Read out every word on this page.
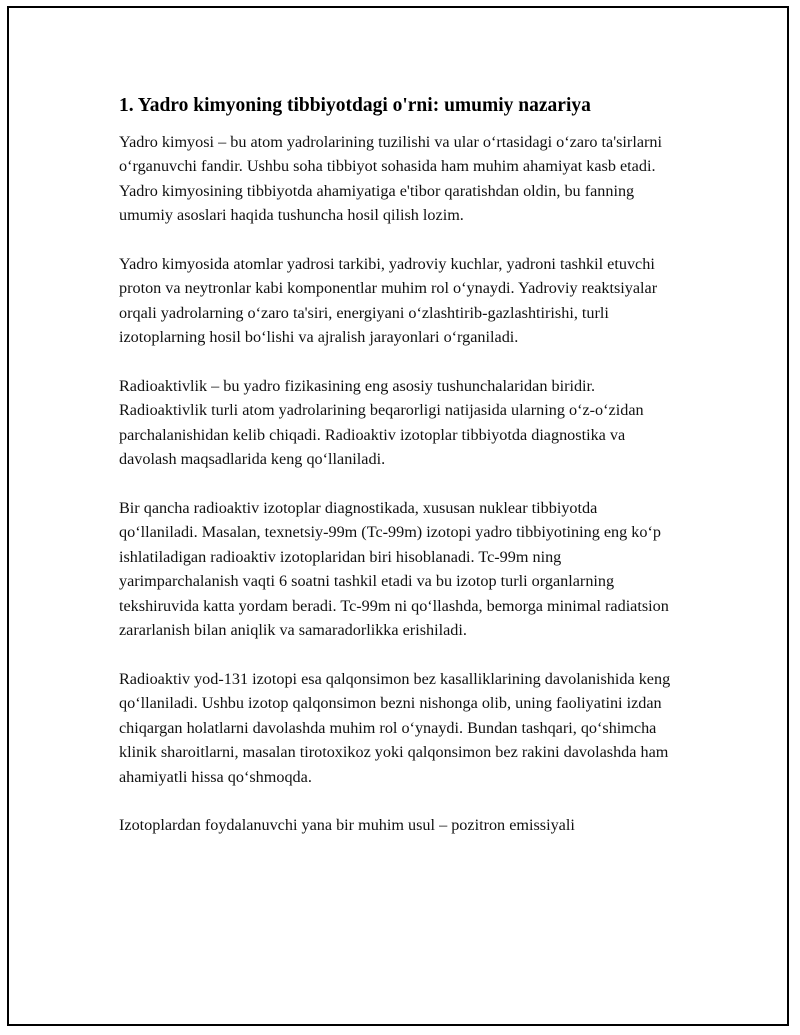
1. Yadro kimyoning tibbiyotdagi o'rni: umumiy nazariya

Yadro kimyosi – bu atom yadrolarining tuzilishi va ular o‘rtasidagi o‘zaro ta'sirlarni o‘rganuvchi fandir. Ushbu soha tibbiyot sohasida ham muhim ahamiyat kasb etadi. Yadro kimyosining tibbiyotda ahamiyatiga e'tibor qaratishdan oldin, bu fanning umumiy asoslari haqida tushuncha hosil qilish lozim.

Yadro kimyosida atomlar yadrosi tarkibi, yadroviy kuchlar, yadroni tashkil etuvchi proton va neytronlar kabi komponentlar muhim rol o‘ynaydi. Yadroviy reaktsiyalar orqali yadrolarning o‘zaro ta'siri, energiyani o‘zlashtirib-gazlashtirishi, turli izotoplarning hosil bo‘lishi va ajralish jarayonlari o‘rganiladi.

Radioaktivlik – bu yadro fizikasining eng asosiy tushunchalaridan biridir. Radioaktivlik turli atom yadrolarining beqarorligi natijasida ularning o‘z-o‘zidan parchalanishidan kelib chiqadi. Radioaktiv izotoplar tibbiyotda diagnostika va davolash maqsadlarida keng qo‘llaniladi.

Bir qancha radioaktiv izotoplar diagnostikada, xususan nuklear tibbiyotda qo‘llaniladi. Masalan, texnetsiy-99m (Tc-99m) izotopi yadro tibbiyotining eng ko‘p ishlatiladigan radioaktiv izotoplaridan biri hisoblanadi. Tc-99m ning yarimparchalanish vaqti 6 soatni tashkil etadi va bu izotop turli organlarning tekshiruvida katta yordam beradi. Tc-99m ni qo‘llashda, bemorga minimal radiatsion zararlanish bilan aniqlik va samaradorlikka erishiladi.

Radioaktiv yod-131 izotopi esa qalqonsimon bez kasalliklarining davolanishida keng qo‘llaniladi. Ushbu izotop qalqonsimon bezni nishonga olib, uning faoliyatini izdan chiqargan holatlarni davolashda muhim rol o‘ynaydi. Bundan tashqari, qo‘shimcha klinik sharoitlarni, masalan tirotoxikoz yoki qalqonsimon bez rakini davolashda ham ahamiyatli hissa qo‘shmoqda.

Izotoplardan foydalanuvchi yana bir muhim usul – pozitron emissiyali
